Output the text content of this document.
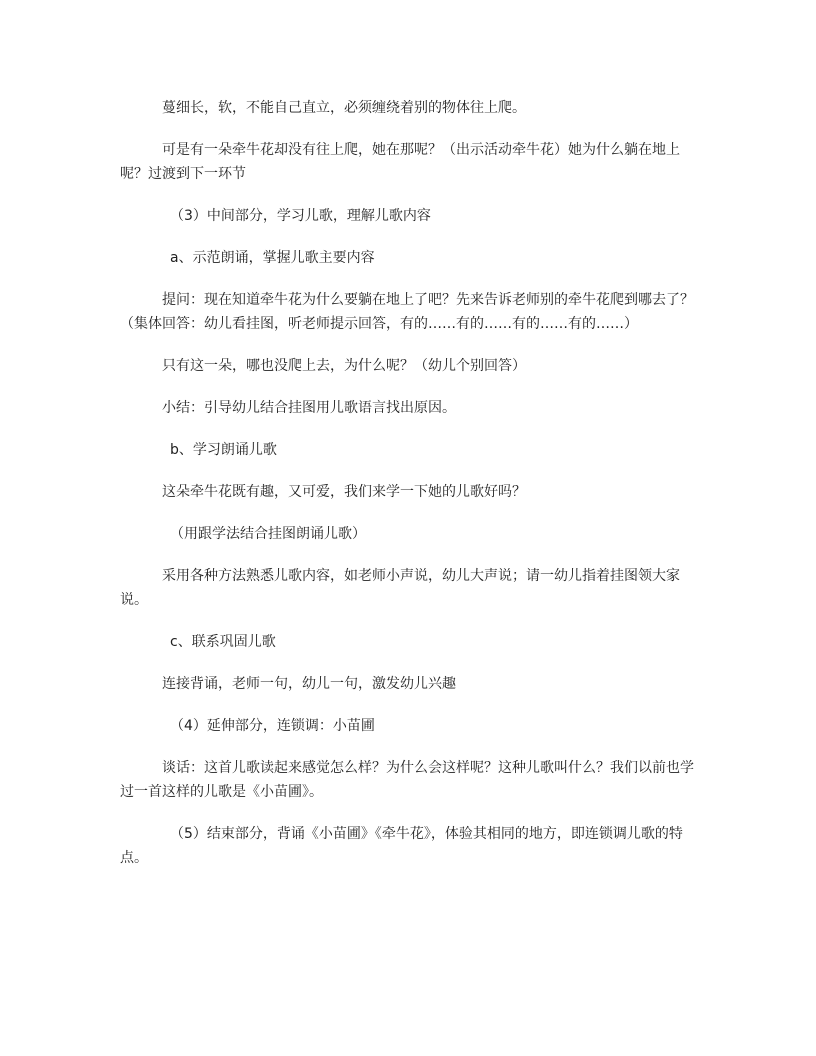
蔓细长，软，不能自己直立，必须缠绕着别的物体往上爬。

可是有一朵牵牛花却没有往上爬，她在那呢？（出示活动牵牛花）她为什么躺在地上呢？过渡到下一环节

（3）中间部分，学习儿歌，理解儿歌内容

a、示范朗诵，掌握儿歌主要内容

提问：现在知道牵牛花为什么要躺在地上了吧？先来告诉老师别的牵牛花爬到哪去了？（集体回答：幼儿看挂图，听老师提示回答，有的……有的……有的……有的……）

只有这一朵，哪也没爬上去，为什么呢？（幼儿个别回答）

小结：引导幼儿结合挂图用儿歌语言找出原因。

b、学习朗诵儿歌

这朵牵牛花既有趣，又可爱，我们来学一下她的儿歌好吗？

（用跟学法结合挂图朗诵儿歌）

采用各种方法熟悉儿歌内容，如老师小声说，幼儿大声说；请一幼儿指着挂图领大家说。

c、联系巩固儿歌

连接背诵，老师一句，幼儿一句，激发幼儿兴趣

（4）延伸部分，连锁调：小苗圃

谈话：这首儿歌读起来感觉怎么样？为什么会这样呢？这种儿歌叫什么？我们以前也学过一首这样的儿歌是《小苗圃》。

（5）结束部分，背诵《小苗圃》《牵牛花》，体验其相同的地方，即连锁调儿歌的特点。
